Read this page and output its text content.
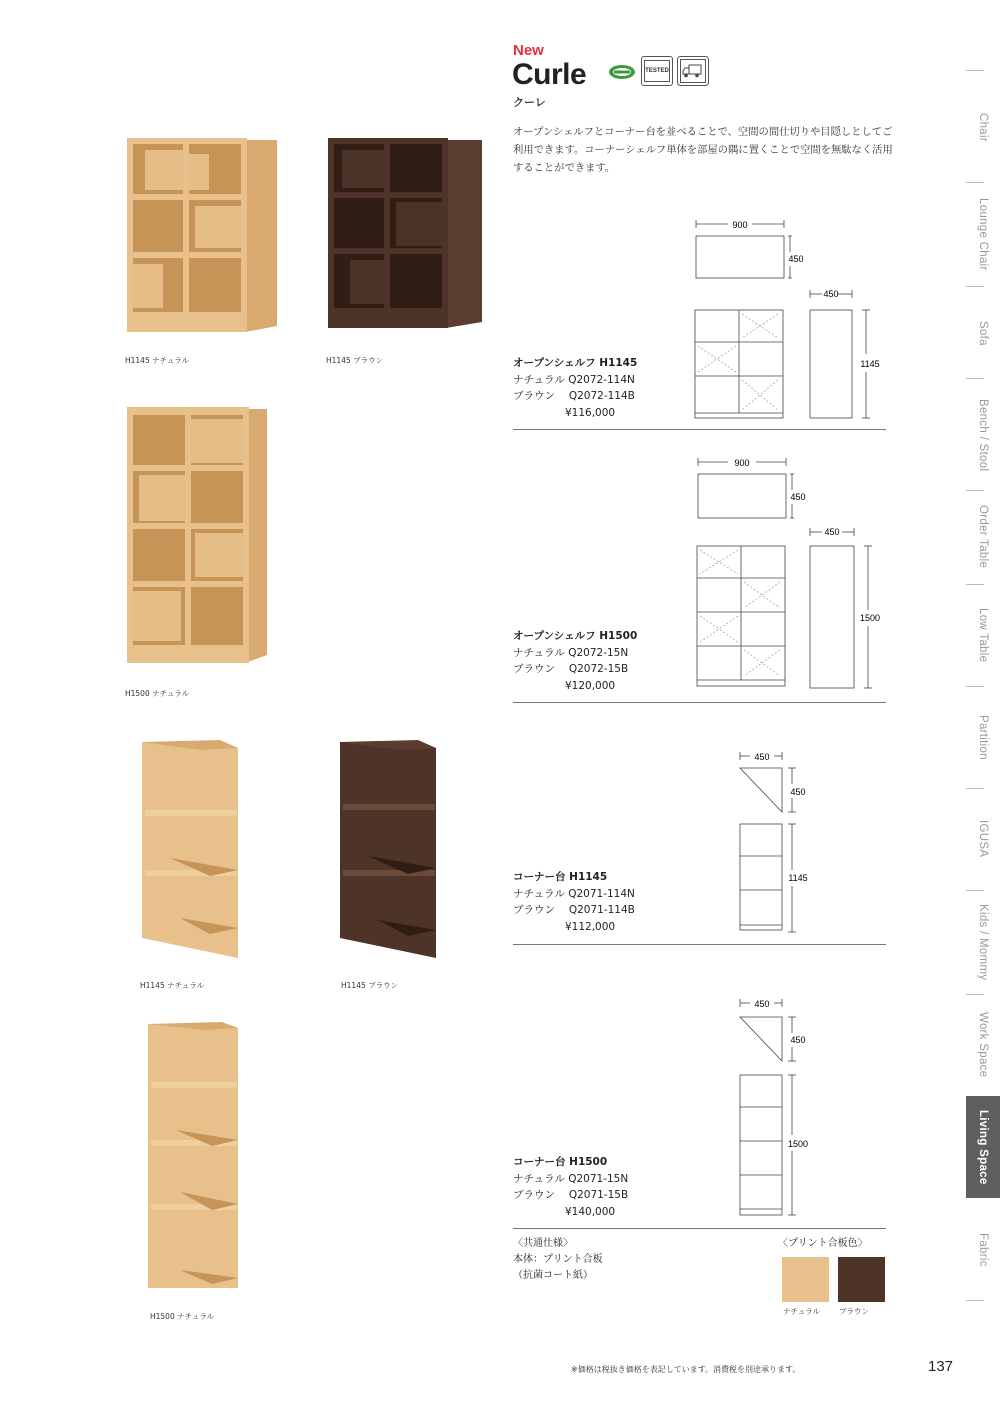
New
Curle
クーレ
TESTED
オープンシェルフとコーナー台を並べることで、空間の間仕切りや目隠しとしてご利用できます。コーナーシェルフ単体を部屋の隅に置くことで空間を無駄なく活用することができます。
H1145 ナチュラル	H1145 ブラウン
H1500 ナチュラル
H1145 ナチュラル	H1145 ブラウン
H1500 ナチュラル
オープンシェルフ H1145
ナチュラル Q2072-114N
ブラウン　 Q2072-114B
¥116,000
900
450
450
1145
オープンシェルフ H1500
ナチュラル Q2072-15N
ブラウン　 Q2072-15B
¥120,000
900
450
450
1500
コーナー台 H1145
ナチュラル Q2071-114N
ブラウン　 Q2071-114B
¥112,000
450
450
1145
コーナー台 H1500
ナチュラル Q2071-15N
ブラウン　 Q2071-15B
¥140,000
450
450
1500
〈共通仕様〉
本体：プリント合板
（抗菌コート紙）
〈プリント合板色〉
ナチュラル	ブラウン
※価格は税抜き価格を表記しています。消費税を別途承ります。	137
Chair
Lounge Chair
Sofa
Bench / Stool
Order Table
Low Table
Partition
IGUSA
Kids / Mommy
Work Space
Living Space
Fabric
